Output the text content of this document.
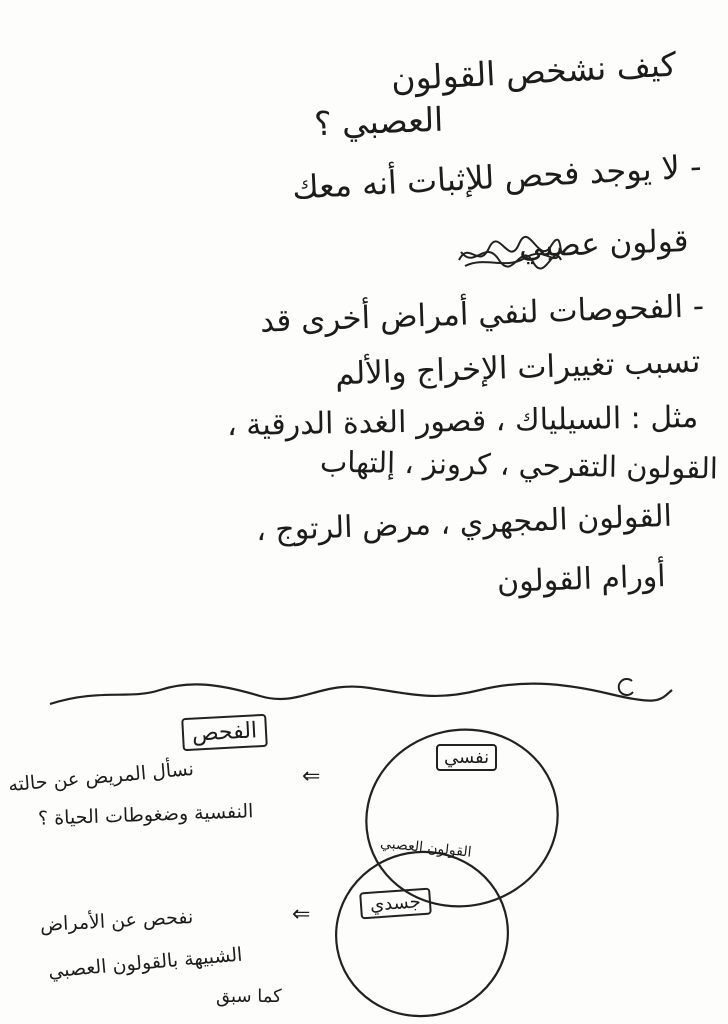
كيف نشخص القولون
العصبي ؟
- لا يوجد فحص للإثبات أنه معك
قولون عصبي
- الفحوصات لنفي أمراض أخرى قد
تسبب تغييرات الإخراج والألم
مثل : السيلياك ، قصور الغدة الدرقية ،
القولون التقرحي ، كرونز ، إلتهاب
القولون المجهري ، مرض الرتوج ،
أورام القولون
الفحص
نفسي
القولون العصبي
جسدي
⇐
نسأل المريض عن حالته
النفسية وضغوطات الحياة ؟
⇐
نفحص عن الأمراض
الشبيهة بالقولون العصبي
كما سبق
